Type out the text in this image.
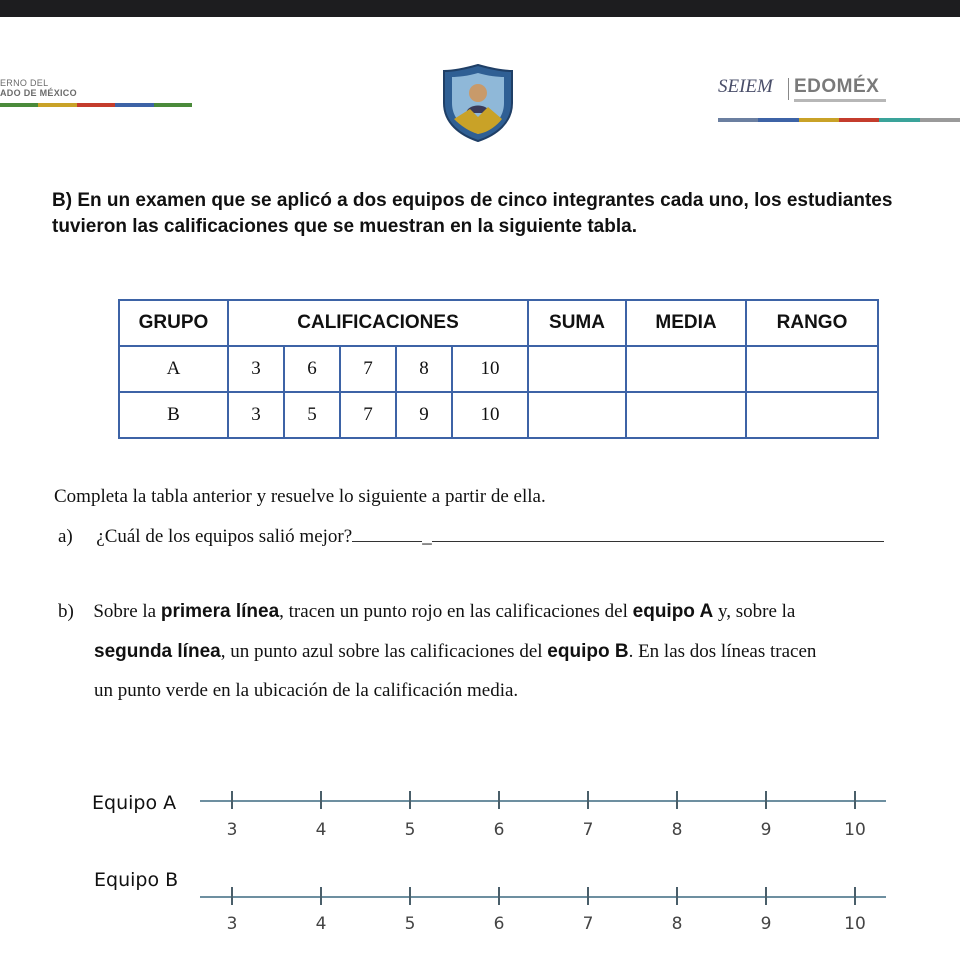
ERNO DEL
ADO DE MÉXICO	SEIEM EDOMÉX
B) En un examen que se aplicó a dos equipos de cinco integrantes cada uno, los estudiantes tuvieron las calificaciones que se muestran en la siguiente tabla.
GRUPO	CALIFICACIONES					SUMA	MEDIA	RANGO
A	3	6	7	8	10			
B	3	5	7	9	10			
Completa la tabla anterior y resuelve lo siguiente a partir de ella.
a) ¿Cuál de los equipos salió mejor?	_
b) Sobre la primera línea, tracen un punto rojo en las calificaciones del equipo A y, sobre la
segunda línea, un punto azul sobre las calificaciones del equipo B. En las dos líneas tracen
un punto verde en la ubicación de la calificación media.
Equipo A
3	4	5	6	7	8	9	10
Equipo B
3	4	5	6	7	8	9	10
